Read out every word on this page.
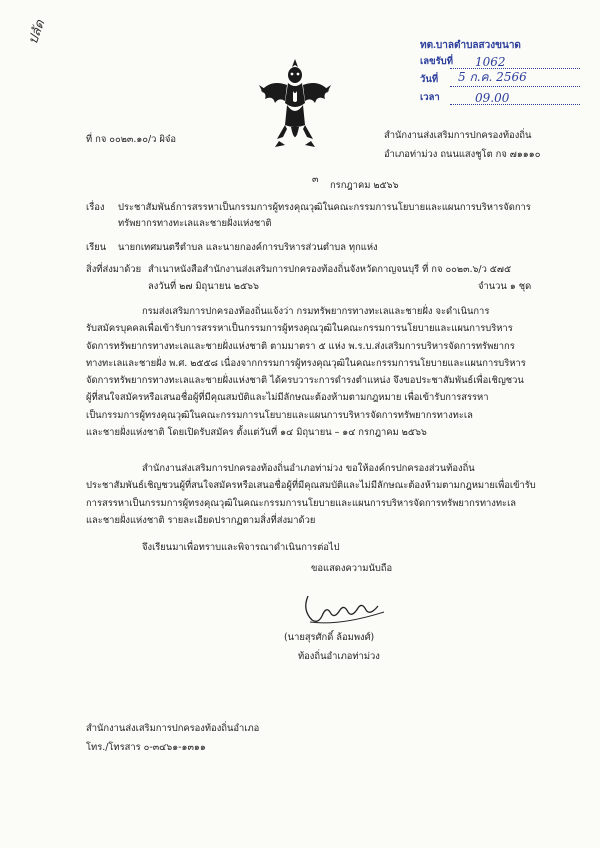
ปลัด	ทต.บาลตำบลสวงขนาด
เลขรับที่ 1062
วันที่ 5 ก.ค. 2566
เวลา	09.00
ที่ กจ ๐๐๒๓.๑๐/ว ผิจ๋อ	สำนักงานส่งเสริมการปกครองท้องถิ่น
อำเภอท่าม่วง ถนนแสงชูโต กจ ๗๑๑๑๐
๓
กรกฎาคม ๒๕๖๖
เรื่อง ประชาสัมพันธ์การสรรหาเป็นกรรมการผู้ทรงคุณวุฒิในคณะกรรมการนโยบายและแผนการบริหารจัดการ
ทรัพยากรทางทะเลและชายฝั่งแห่งชาติ
เรียน นายกเทศมนตรีตำบล และนายกองค์การบริหารส่วนตำบล ทุกแห่ง
สิ่งที่ส่งมาด้วย สำเนาหนังสือสำนักงานส่งเสริมการปกครองท้องถิ่นจังหวัดกาญจนบุรี ที่ กจ ๐๐๒๓.๖/ว ๕๗๕
ลงวันที่ ๒๗ มิถุนายน ๒๕๖๖	จำนวน ๑ ชุด
กรมส่งเสริมการปกครองท้องถิ่นแจ้งว่า กรมทรัพยากรทางทะเลและชายฝั่ง จะดำเนินการ
รับสมัครบุคคลเพื่อเข้ารับการสรรหาเป็นกรรมการผู้ทรงคุณวุฒิในคณะกรรมการนโยบายและแผนการบริหาร
จัดการทรัพยากรทางทะเลและชายฝั่งแห่งชาติ ตามมาตรา ๕ แห่ง พ.ร.บ.ส่งเสริมการบริหารจัดการทรัพยากร
ทางทะเลและชายฝั่ง พ.ศ. ๒๕๕๘ เนื่องจากกรรมการผู้ทรงคุณวุฒิในคณะกรรมการนโยบายและแผนการบริหาร
จัดการทรัพยากรทางทะเลและชายฝั่งแห่งชาติ ได้ครบวาระการดำรงตำแหน่ง จึงขอประชาสัมพันธ์เพื่อเชิญชวน
ผู้ที่สนใจสมัครหรือเสนอชื่อผู้ที่มีคุณสมบัติและไม่มีลักษณะต้องห้ามตามกฎหมาย เพื่อเข้ารับการสรรหา
เป็นกรรมการผู้ทรงคุณวุฒิในคณะกรรมการนโยบายและแผนการบริหารจัดการทรัพยากรทางทะเล
และชายฝั่งแห่งชาติ โดยเปิดรับสมัคร ตั้งแต่วันที่ ๑๔ มิถุนายน – ๑๔ กรกฎาคม ๒๕๖๖
สำนักงานส่งเสริมการปกครองท้องถิ่นอำเภอท่าม่วง ขอให้องค์กรปกครองส่วนท้องถิ่น
ประชาสัมพันธ์เชิญชวนผู้ที่สนใจสมัครหรือเสนอชื่อผู้ที่มีคุณสมบัติและไม่มีลักษณะต้องห้ามตามกฎหมายเพื่อเข้ารับ
การสรรหาเป็นกรรมการผู้ทรงคุณวุฒิในคณะกรรมการนโยบายและแผนการบริหารจัดการทรัพยากรทางทะเล
และชายฝั่งแห่งชาติ รายละเอียดปรากฏตามสิ่งที่ส่งมาด้วย
จึงเรียนมาเพื่อทราบและพิจารณาดำเนินการต่อไป
ขอแสดงความนับถือ
(นายสุรศักดิ์ ล้อมพงศ์)
ท้องถิ่นอำเภอท่าม่วง
สำนักงานส่งเสริมการปกครองท้องถิ่นอำเภอ
โทร./โทรสาร ๐-๓๔๖๑-๑๓๑๑
